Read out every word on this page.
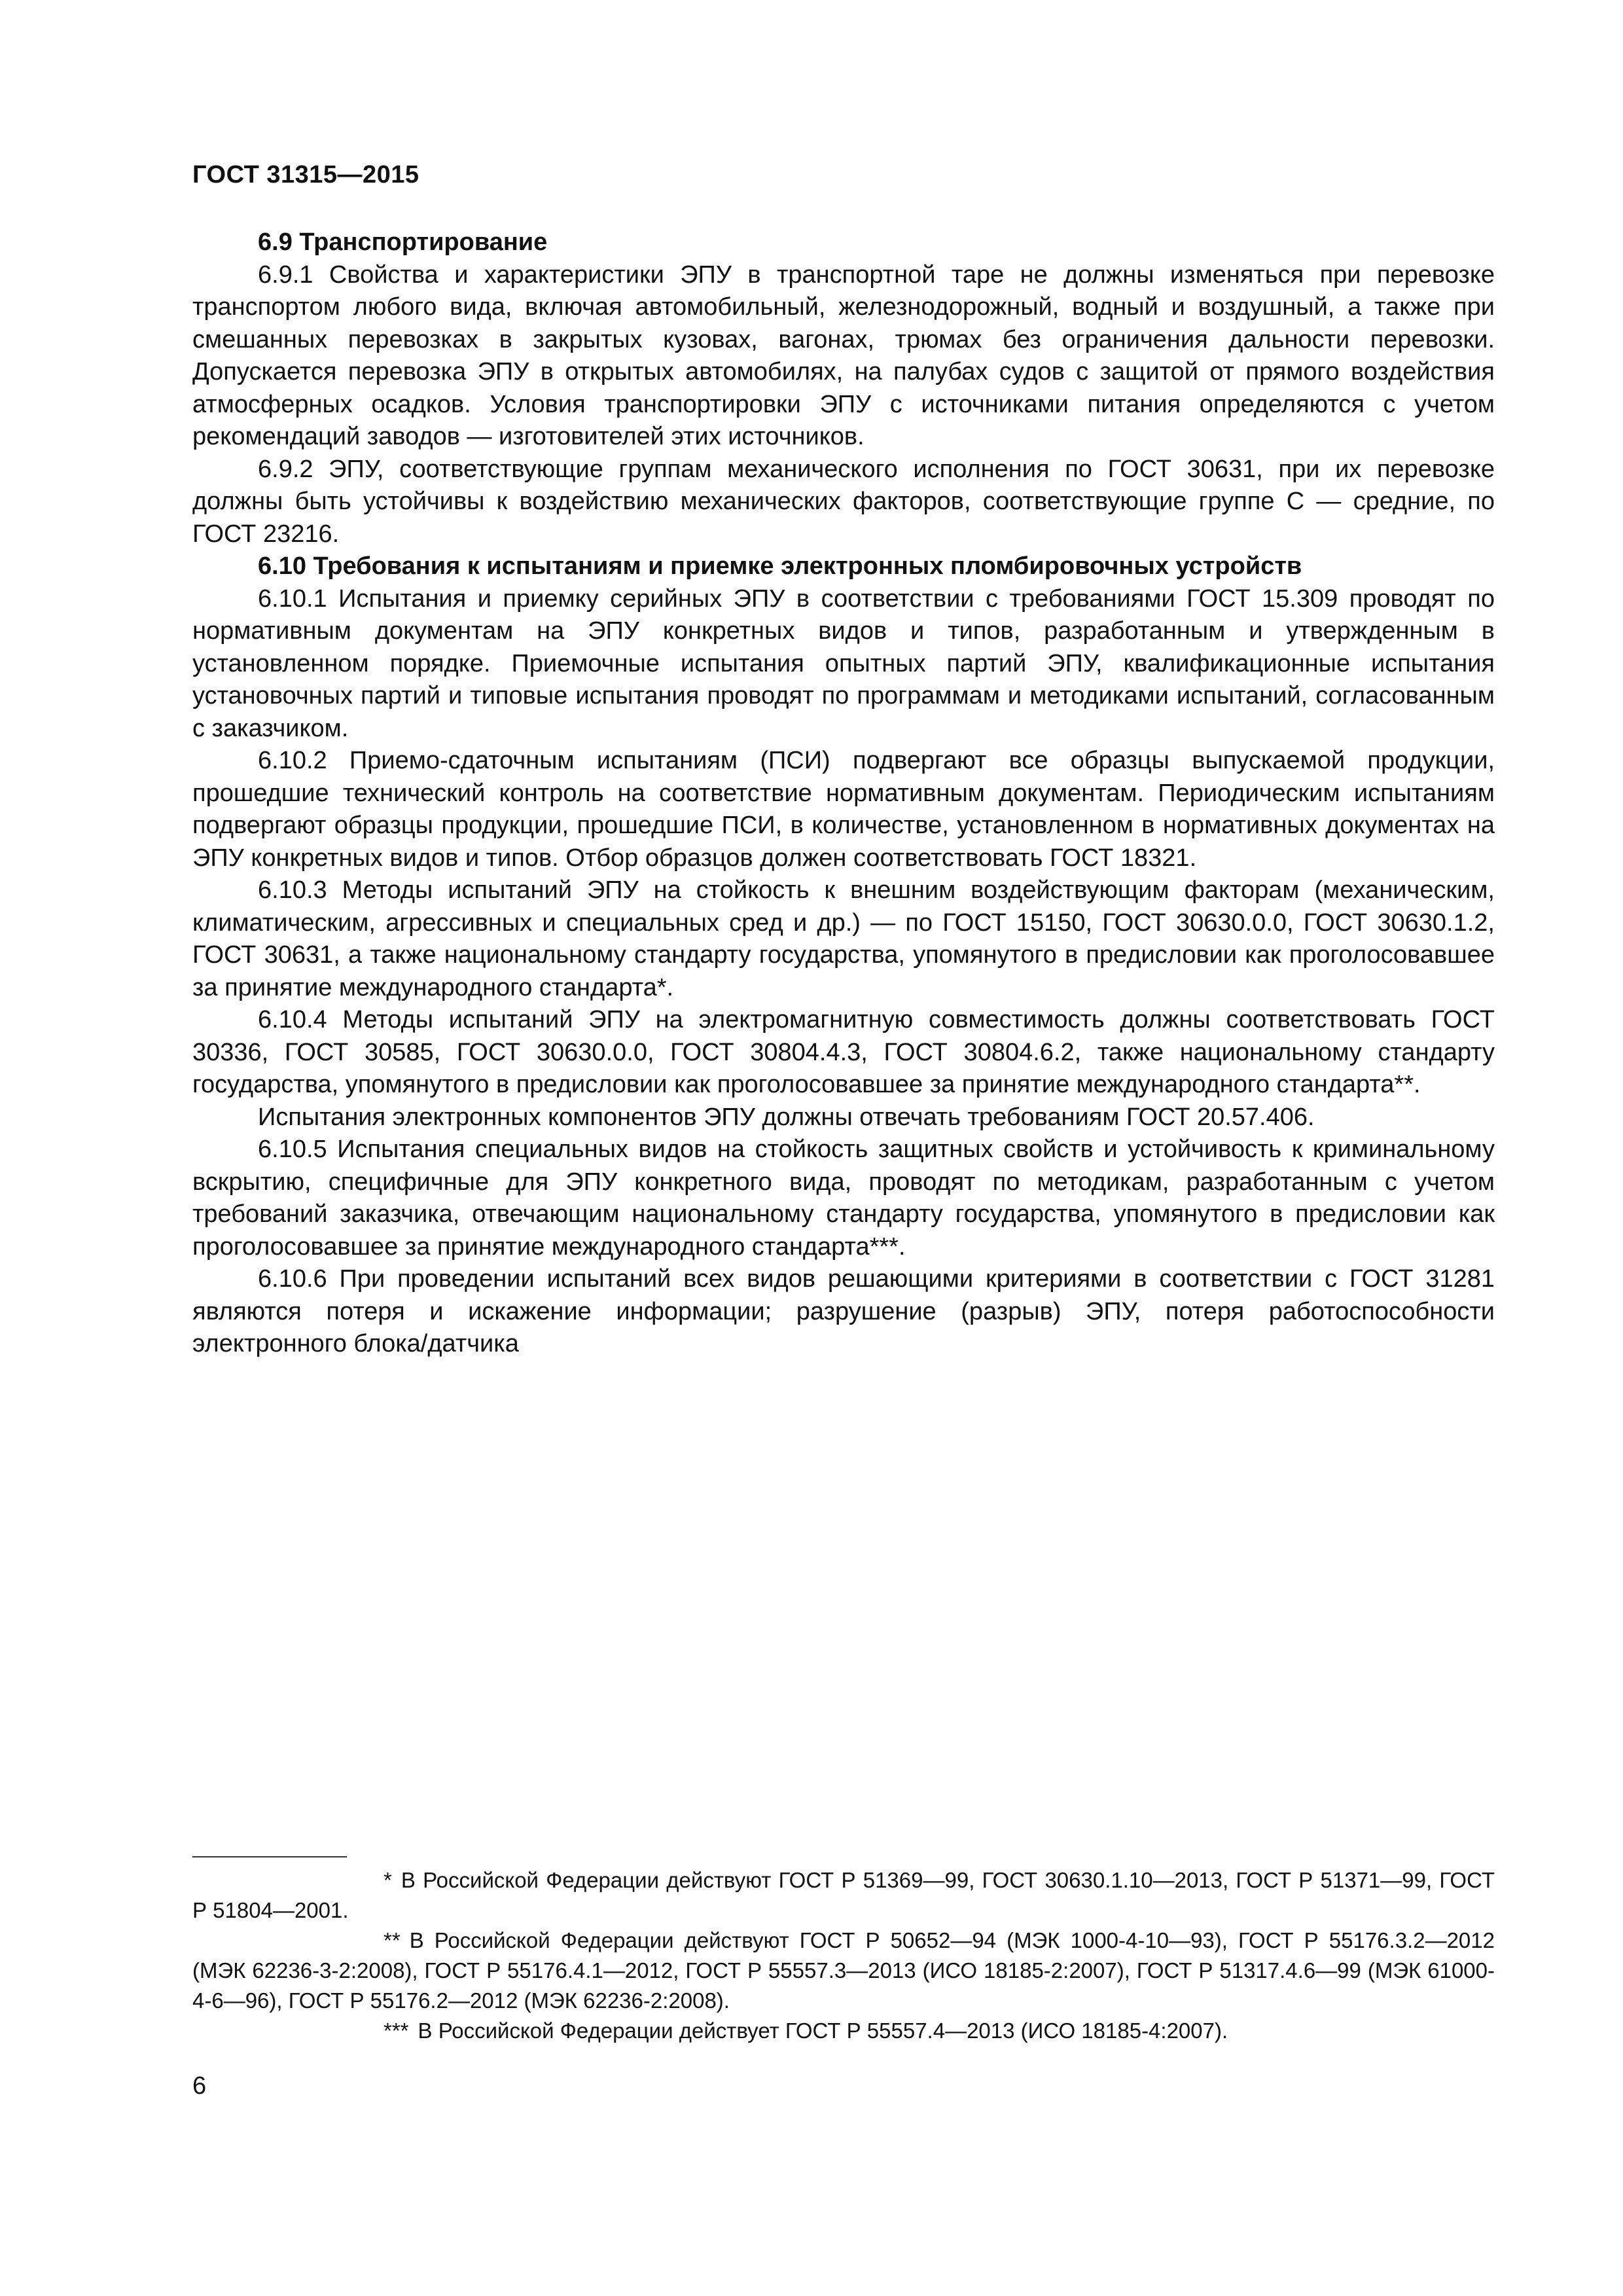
ГОСТ 31315—2015
6.9 Транспортирование

6.9.1 Свойства и характеристики ЭПУ в транспортной таре не должны изменяться при перевозке транспортом любого вида, включая автомобильный, железнодорожный, водный и воздушный, а также при смешанных перевозках в закрытых кузовах, вагонах, трюмах без ограничения дальности перевозки. Допускается перевозка ЭПУ в открытых автомобилях, на палубах судов с защитой от прямого воздействия атмосферных осадков. Условия транспортировки ЭПУ с источниками питания определяются с учетом рекомендаций заводов — изготовителей этих источников.

6.9.2 ЭПУ, соответствующие группам механического исполнения по ГОСТ 30631, при их перевозке должны быть устойчивы к воздействию механических факторов, соответствующие группе С — средние, по ГОСТ 23216.

6.10 Требования к испытаниям и приемке электронных пломбировочных устройств

6.10.1 Испытания и приемку серийных ЭПУ в соответствии с требованиями ГОСТ 15.309 проводят по нормативным документам на ЭПУ конкретных видов и типов, разработанным и утвержденным в установленном порядке. Приемочные испытания опытных партий ЭПУ, квалификационные испытания установочных партий и типовые испытания проводят по программам и методиками испытаний, согласованным с заказчиком.

6.10.2 Приемо-сдаточным испытаниям (ПСИ) подвергают все образцы выпускаемой продукции, прошедшие технический контроль на соответствие нормативным документам. Периодическим испытаниям подвергают образцы продукции, прошедшие ПСИ, в количестве, установленном в нормативных документах на ЭПУ конкретных видов и типов. Отбор образцов должен соответствовать ГОСТ 18321.

6.10.3 Методы испытаний ЭПУ на стойкость к внешним воздействующим факторам (механическим, климатическим, агрессивных и специальных сред и др.) — по ГОСТ 15150, ГОСТ 30630.0.0, ГОСТ 30630.1.2, ГОСТ 30631, а также национальному стандарту государства, упомянутого в предисловии как проголосовавшее за принятие международного стандарта*.

6.10.4 Методы испытаний ЭПУ на электромагнитную совместимость должны соответствовать ГОСТ 30336, ГОСТ 30585, ГОСТ 30630.0.0, ГОСТ 30804.4.3, ГОСТ 30804.6.2, также национальному стандарту государства, упомянутого в предисловии как проголосовавшее за принятие международного стандарта**.

Испытания электронных компонентов ЭПУ должны отвечать требованиям ГОСТ 20.57.406.

6.10.5 Испытания специальных видов на стойкость защитных свойств и устойчивость к криминальному вскрытию, специфичные для ЭПУ конкретного вида, проводят по методикам, разработанным с учетом требований заказчика, отвечающим национальному стандарту государства, упомянутого в предисловии как проголосовавшее за принятие международного стандарта***.

6.10.6 При проведении испытаний всех видов решающими критериями в соответствии с ГОСТ 31281 являются потеря и искажение информации; разрушение (разрыв) ЭПУ, потеря работоспособности электронного блока/датчика

* В Российской Федерации действуют ГОСТ Р 51369—99, ГОСТ 30630.1.10—2013, ГОСТ Р 51371—99, ГОСТ Р 51804—2001.

** В Российской Федерации действуют ГОСТ Р 50652—94 (МЭК 1000-4-10—93), ГОСТ Р 55176.3.2—2012 (МЭК 62236-3-2:2008), ГОСТ Р 55176.4.1—2012, ГОСТ Р 55557.3—2013 (ИСО 18185-2:2007), ГОСТ Р 51317.4.6—99 (МЭК 61000-4-6—96), ГОСТ Р 55176.2—2012 (МЭК 62236-2:2008).

*** В Российской Федерации действует ГОСТ Р 55557.4—2013 (ИСО 18185-4:2007).

6
